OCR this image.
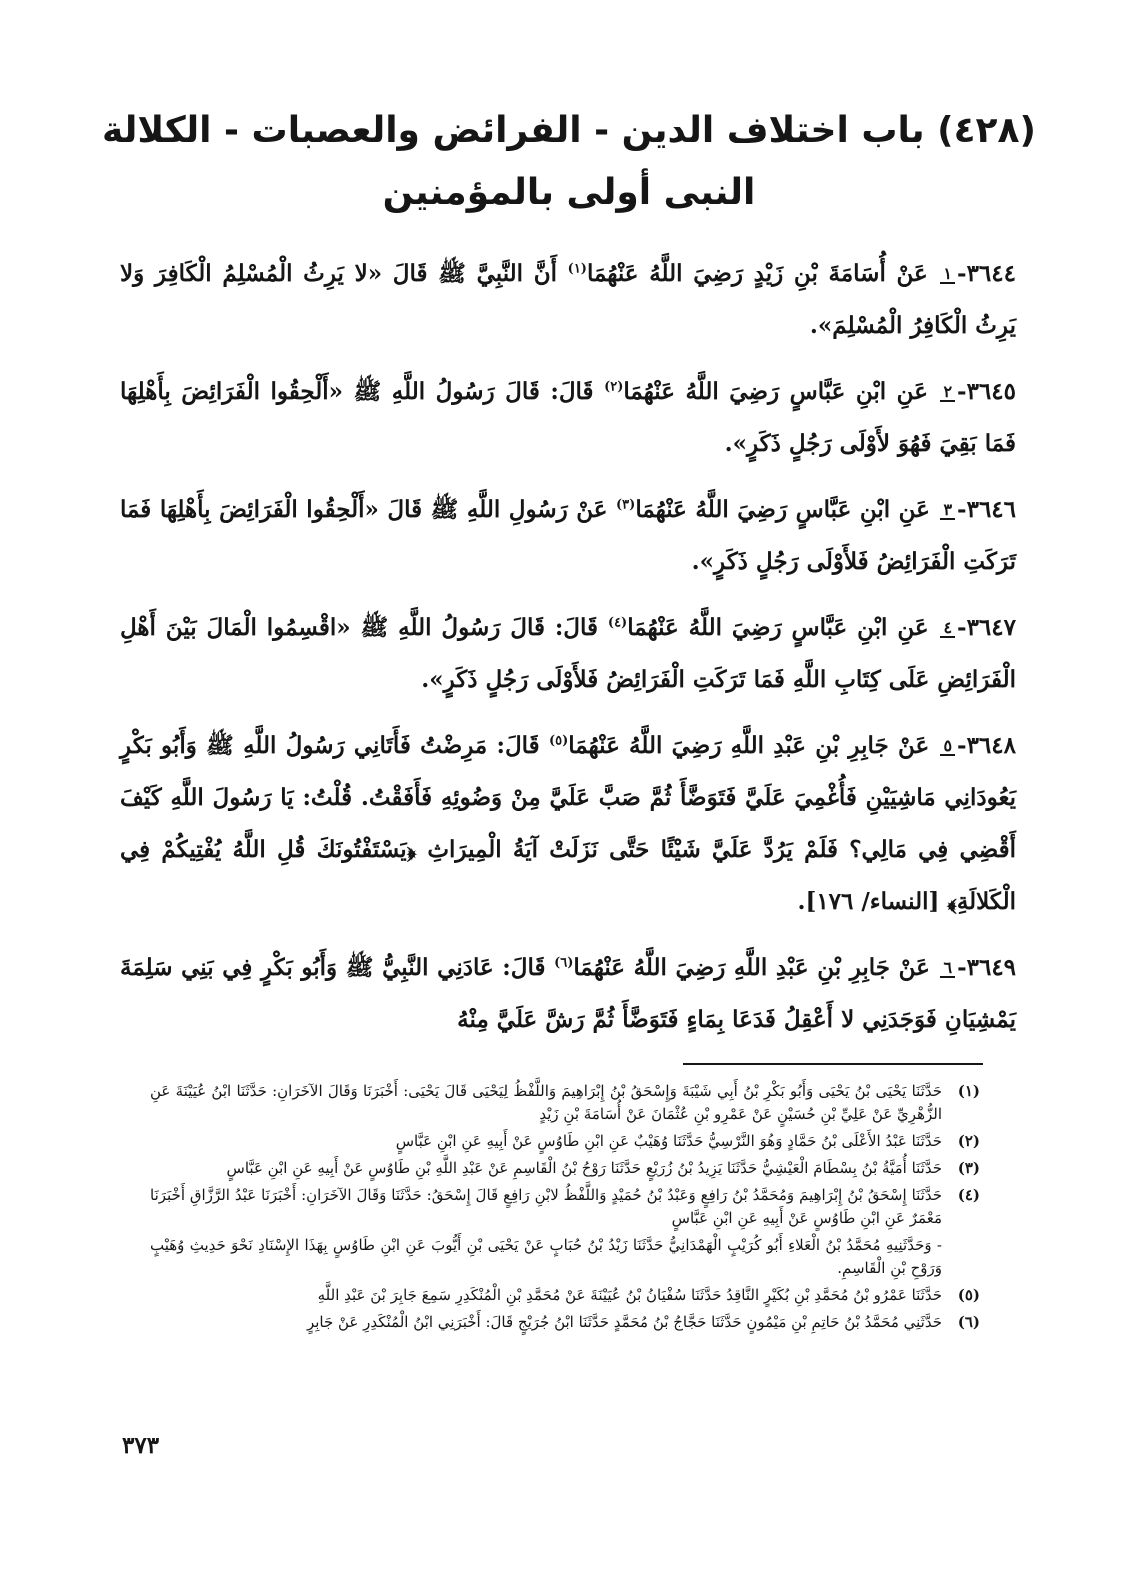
(٤٢٨) باب اختلاف الدين - الفرائض والعصبات - الكلالة
النبى أولى بالمؤمنين

٣٦٤٤-١ عَنْ أُسَامَةَ بْنِ زَيْدٍ رَضِيَ اللَّهُ عَنْهُمَا$^{(١)}$ أَنَّ النَّبِيَّ ﷺ قَالَ «لا يَرِثُ الْمُسْلِمُ الْكَافِرَ وَلا يَرِثُ الْكَافِرُ الْمُسْلِمَ».

٣٦٤٥-٢ عَنِ ابْنِ عَبَّاسٍ رَضِيَ اللَّهُ عَنْهُمَا$^{(٢)}$ قَالَ: قَالَ رَسُولُ اللَّهِ ﷺ «أَلْحِقُوا الْفَرَائِضَ بِأَهْلِهَا فَمَا بَقِيَ فَهُوَ لأَوْلَى رَجُلٍ ذَكَرٍ».

٣٦٤٦-٣ عَنِ ابْنِ عَبَّاسٍ رَضِيَ اللَّهُ عَنْهُمَا$^{(٣)}$ عَنْ رَسُولِ اللَّهِ ﷺ قَالَ «أَلْحِقُوا الْفَرَائِضَ بِأَهْلِهَا فَمَا تَرَكَتِ الْفَرَائِضُ فَلأَوْلَى رَجُلٍ ذَكَرٍ».

٣٦٤٧-٤ عَنِ ابْنِ عَبَّاسٍ رَضِيَ اللَّهُ عَنْهُمَا$^{(٤)}$ قَالَ: قَالَ رَسُولُ اللَّهِ ﷺ «اقْسِمُوا الْمَالَ بَيْنَ أَهْلِ الْفَرَائِضِ عَلَى كِتَابِ اللَّهِ فَمَا تَرَكَتِ الْفَرَائِضُ فَلأَوْلَى رَجُلٍ ذَكَرٍ».

٣٦٤٨-٥ عَنْ جَابِرِ بْنِ عَبْدِ اللَّهِ رَضِيَ اللَّهُ عَنْهُمَا$^{(٥)}$ قَالَ: مَرِضْتُ فَأَتَانِي رَسُولُ اللَّهِ ﷺ وَأَبُو بَكْرٍ يَعُودَانِي مَاشِيَيْنِ فَأُغْمِيَ عَلَيَّ فَتَوَضَّأَ ثُمَّ صَبَّ عَلَيَّ مِنْ وَضُوئِهِ فَأَفَقْتُ. قُلْتُ: يَا رَسُولَ اللَّهِ كَيْفَ أَقْضِي فِي مَالِي؟ فَلَمْ يَرُدَّ عَلَيَّ شَيْئًا حَتَّى نَزَلَتْ آيَةُ الْمِيرَاثِ ﴿يَسْتَفْتُونَكَ قُلِ اللَّهُ يُفْتِيكُمْ فِي الْكَلالَةِ﴾ [النساء/ ١٧٦].

٣٦٤٩-٦ عَنْ جَابِرِ بْنِ عَبْدِ اللَّهِ رَضِيَ اللَّهُ عَنْهُمَا$^{(٦)}$ قَالَ: عَادَنِي النَّبِيُّ ﷺ وَأَبُو بَكْرٍ فِي بَنِي سَلِمَةَ يَمْشِيَانِ فَوَجَدَنِي لا أَعْقِلُ فَدَعَا بِمَاءٍ فَتَوَضَّأَ ثُمَّ رَشَّ عَلَيَّ مِنْهُ

(١)
حَدَّثَنَا يَحْيَى بْنُ يَحْيَى وَأَبُو بَكْرِ بْنُ أَبِي شَيْبَةَ وَإِسْحَقُ بْنُ إِبْرَاهِيمَ وَاللَّفْظُ لِيَحْيَى قَالَ يَحْيَى: أَخْبَرَنَا وَقَالَ الآخَرَانِ: حَدَّثَنَا ابْنُ عُيَيْنَةَ عَنِ الزُّهْرِيِّ عَنْ عَلِيِّ بْنِ حُسَيْنٍ عَنْ عَمْرِو بْنِ عُثْمَانَ عَنْ أُسَامَةَ بْنِ زَيْدٍ
(٢)
حَدَّثَنَا عَبْدُ الأَعْلَى بْنُ حَمَّادٍ وَهُوَ النَّرْسِيُّ حَدَّثَنَا وُهَيْبٌ عَنِ ابْنِ طَاوُسٍ عَنْ أَبِيهِ عَنِ ابْنِ عَبَّاسٍ
(٣)
حَدَّثَنَا أُمَيَّةُ بْنُ بِسْطَامَ الْعَيْشِيُّ حَدَّثَنَا يَزِيدُ بْنُ زُرَيْعٍ حَدَّثَنَا رَوْحُ بْنُ الْقَاسِمِ عَنْ عَبْدِ اللَّهِ بْنِ طَاوُسٍ عَنْ أَبِيهِ عَنِ ابْنِ عَبَّاسٍ
(٤)
حَدَّثَنَا إِسْحَقُ بْنُ إِبْرَاهِيمَ وَمُحَمَّدُ بْنُ رَافِعٍ وَعَبْدُ بْنُ حُمَيْدٍ وَاللَّفْظُ لابْنِ رَافِعٍ قَالَ إِسْحَقُ: حَدَّثَنَا وَقَالَ الآخَرَانِ: أَخْبَرَنَا عَبْدُ الرَّزَّاقِ أَخْبَرَنَا مَعْمَرٌ عَنِ ابْنِ طَاوُسٍ عَنْ أَبِيهِ عَنِ ابْنِ عَبَّاسٍ
- وَحَدَّثَنِيهِ مُحَمَّدُ بْنُ الْعَلاءِ أَبُو كُرَيْبٍ الْهَمْدَانِيُّ حَدَّثَنَا زَيْدُ بْنُ حُبَابٍ عَنْ يَحْيَى بْنِ أَيُّوبَ عَنِ ابْنِ طَاوُسٍ بِهَذَا الإِسْنَادِ نَحْوَ حَدِيثِ وُهَيْبٍ وَرَوْحِ بْنِ الْقَاسِمِ.
(٥)
حَدَّثَنَا عَمْرُو بْنُ مُحَمَّدِ بْنِ بُكَيْرٍ النَّاقِدُ حَدَّثَنَا سُفْيَانُ بْنُ عُيَيْنَةَ عَنْ مُحَمَّدِ بْنِ الْمُنْكَدِرِ سَمِعَ جَابِرَ بْنَ عَبْدِ اللَّهِ
(٦)
حَدَّثَنِي مُحَمَّدُ بْنُ حَاتِمِ بْنِ مَيْمُونٍ حَدَّثَنَا حَجَّاجُ بْنُ مُحَمَّدٍ حَدَّثَنَا ابْنُ جُرَيْجٍ قَالَ: أَخْبَرَنِي ابْنُ الْمُنْكَدِرِ عَنْ جَابِرٍ

٣٧٣
